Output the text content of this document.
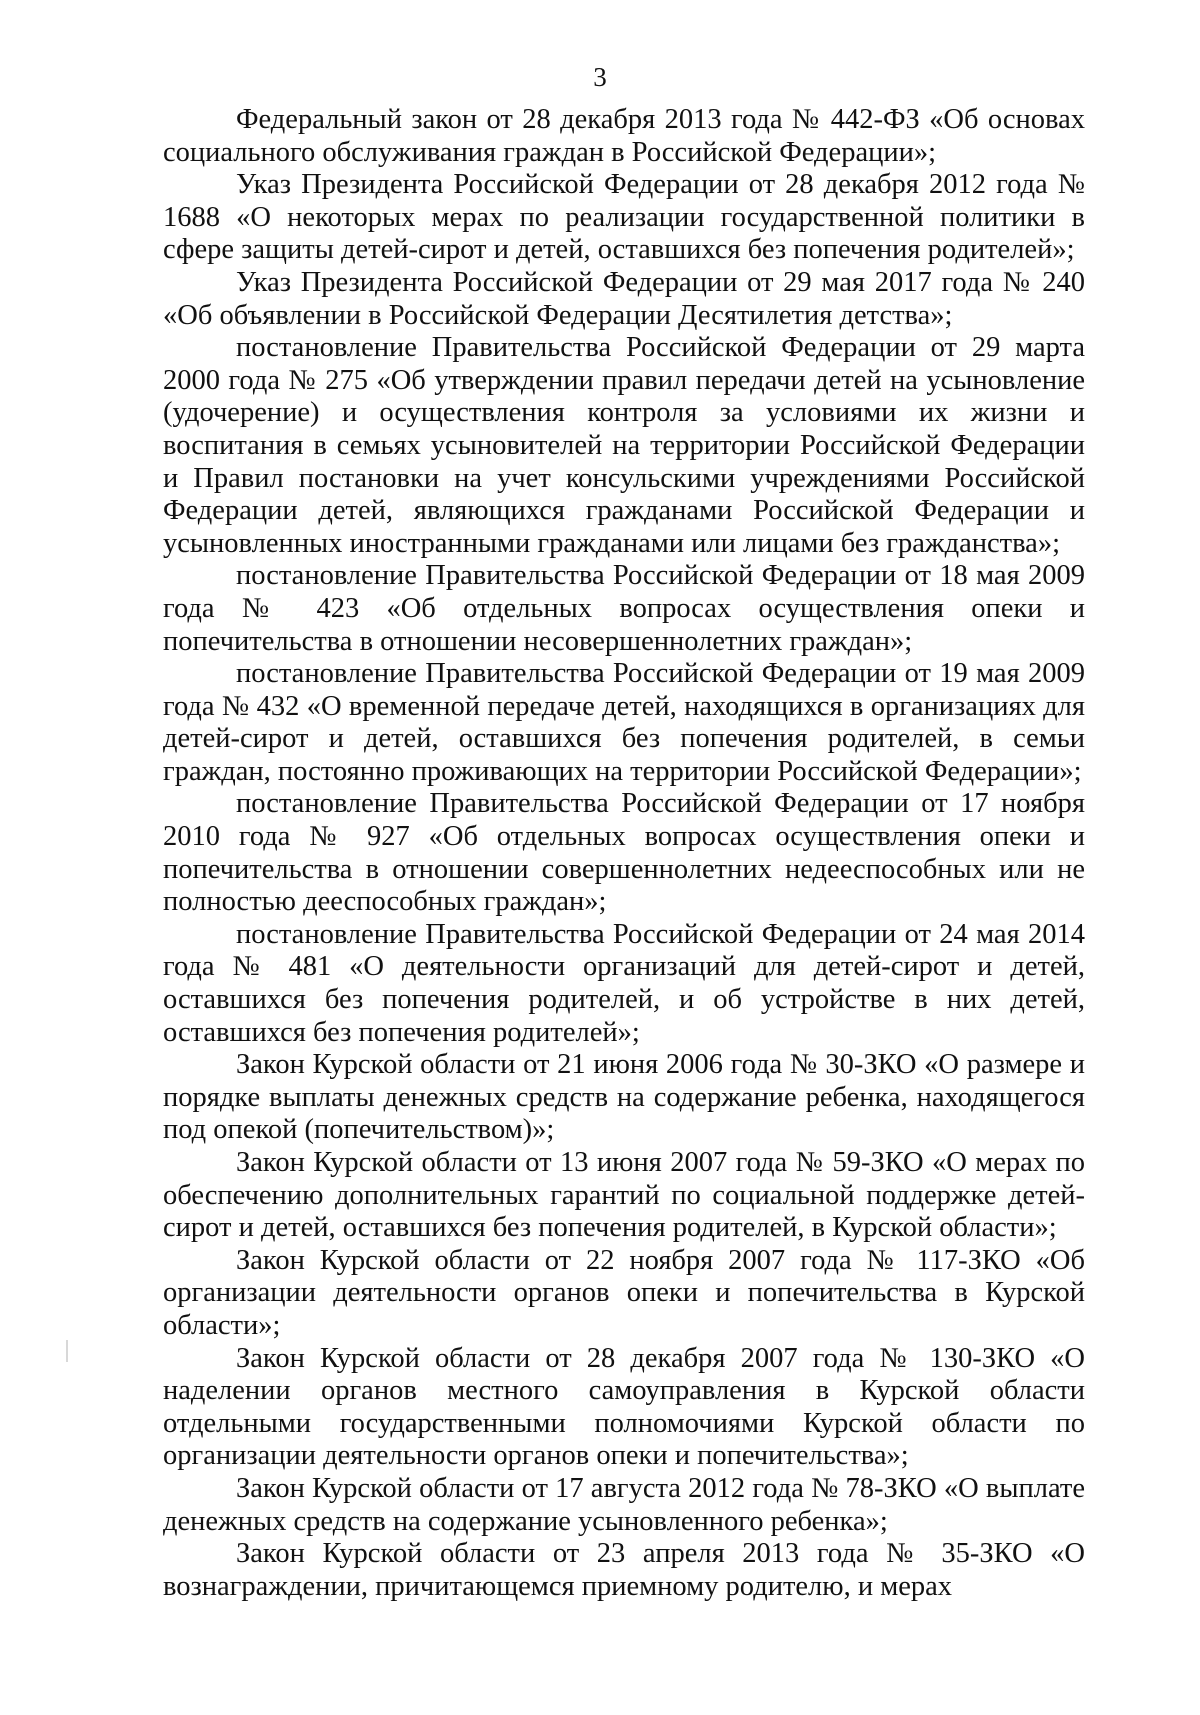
3

Федеральный закон от 28 декабря 2013 года № 442-ФЗ «Об основах социального обслуживания граждан в Российской Федерации»;

Указ Президента Российской Федерации от 28 декабря 2012 года № 1688 «О некоторых мерах по реализации государственной политики в сфере защиты детей-сирот и детей, оставшихся без попечения родителей»;

Указ Президента Российской Федерации от 29 мая 2017 года № 240 «Об объявлении в Российской Федерации Десятилетия детства»;

постановление Правительства Российской Федерации от 29 марта 2000 года № 275 «Об утверждении правил передачи детей на усыновление (удочерение) и осуществления контроля за условиями их жизни и воспитания в семьях усыновителей на территории Российской Федерации и Правил постановки на учет консульскими учреждениями Российской Федерации детей, являющихся гражданами Российской Федерации и усыновленных иностранными гражданами или лицами без гражданства»;

постановление Правительства Российской Федерации от 18 мая 2009 года № 423 «Об отдельных вопросах осуществления опеки и попечительства в отношении несовершеннолетних граждан»;

постановление Правительства Российской Федерации от 19 мая 2009 года № 432 «О временной передаче детей, находящихся в организациях для детей-сирот и детей, оставшихся без попечения родителей, в семьи граждан, постоянно проживающих на территории Российской Федерации»;

постановление Правительства Российской Федерации от 17 ноября 2010 года № 927 «Об отдельных вопросах осуществления опеки и попечительства в отношении совершеннолетних недееспособных или не полностью дееспособных граждан»;

постановление Правительства Российской Федерации от 24 мая 2014 года № 481 «О деятельности организаций для детей-сирот и детей, оставшихся без попечения родителей, и об устройстве в них детей, оставшихся без попечения родителей»;

Закон Курской области от 21 июня 2006 года № 30-ЗКО «О размере и порядке выплаты денежных средств на содержание ребенка, находящегося под опекой (попечительством)»;

Закон Курской области от 13 июня 2007 года № 59-ЗКО «О мерах по обеспечению дополнительных гарантий по социальной поддержке детей-сирот и детей, оставшихся без попечения родителей, в Курской области»;

Закон Курской области от 22 ноября 2007 года № 117-ЗКО «Об организации деятельности органов опеки и попечительства в Курской области»;

Закон Курской области от 28 декабря 2007 года № 130-ЗКО «О наделении органов местного самоуправления в Курской области отдельными государственными полномочиями Курской области по организации деятельности органов опеки и попечительства»;

Закон Курской области от 17 августа 2012 года № 78-ЗКО «О выплате денежных средств на содержание усыновленного ребенка»;

Закон Курской области от 23 апреля 2013 года № 35-ЗКО «О вознаграждении, причитающемся приемному родителю, и мерах
